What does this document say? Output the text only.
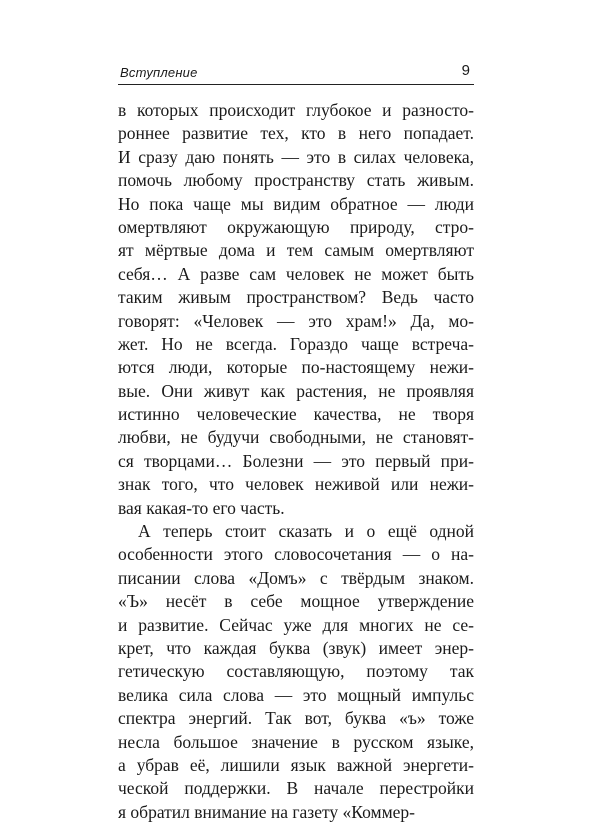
Вступление	9
в которых происходит глубокое и разносто-
роннее развитие тех, кто в него попадает.
И сразу даю понять — это в силах человека,
помочь любому пространству стать живым.
Но пока чаще мы видим обратное — люди
омертвляют окружающую природу, стро-
ят мёртвые дома и тем самым омертвляют
себя… А разве сам человек не может быть
таким живым пространством? Ведь часто
говорят: «Человек — это храм!» Да, мо-
жет. Но не всегда. Гораздо чаще встреча-
ются люди, которые по-настоящему нежи-
вые. Они живут как растения, не проявляя
истинно человеческие качества, не творя
любви, не будучи свободными, не становят-
ся творцами… Болезни — это первый при-
знак того, что человек неживой или нежи-
вая какая-то его часть.
А теперь стоит сказать и о ещё одной
особенности этого словосочетания — о на-
писании слова «Домъ» с твёрдым знаком.
«Ъ» несёт в себе мощное утверждение
и развитие. Сейчас уже для многих не се-
крет, что каждая буква (звук) имеет энер-
гетическую составляющую, поэтому так
велика сила слова — это мощный импульс
спектра энергий. Так вот, буква «ъ» тоже
несла большое значение в русском языке,
а убрав её, лишили язык важной энергети-
ческой поддержки. В начале перестройки
я обратил внимание на газету «Коммер-
